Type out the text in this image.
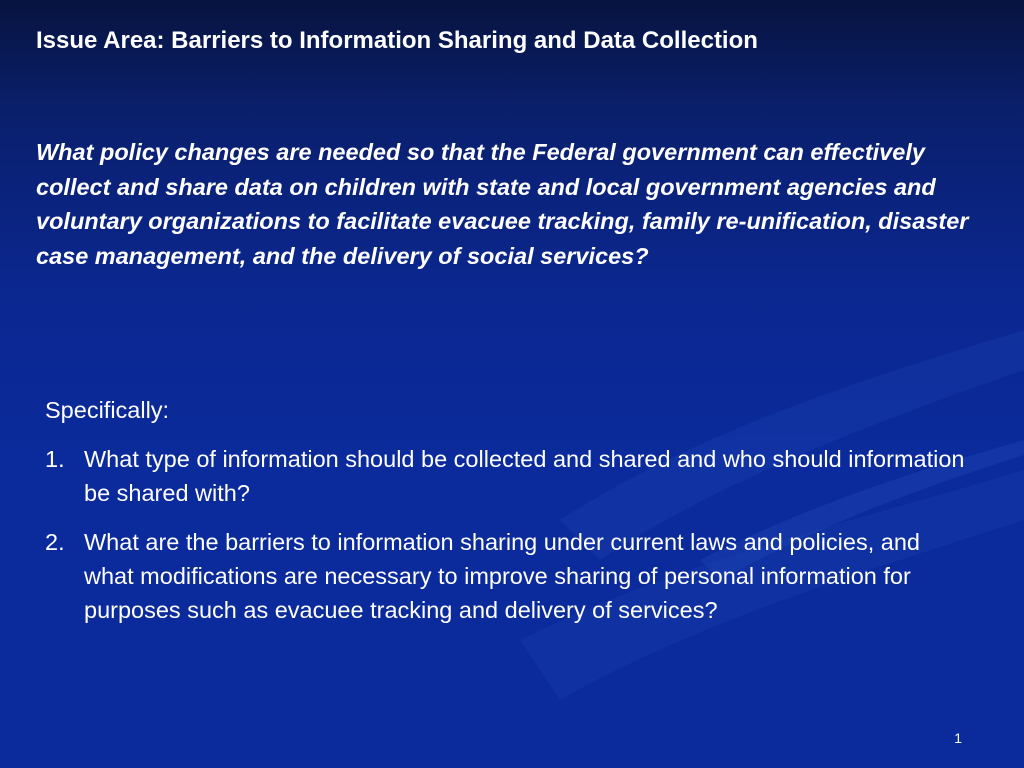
Issue Area: Barriers to Information Sharing and Data Collection

What policy changes are needed so that the Federal government can effectively collect and share data on children with state and local government agencies and voluntary organizations to facilitate evacuee tracking, family re-unification, disaster case management, and the delivery of social services?

Specifically:

1. What type of information should be collected and shared and who should information be shared with?
2. What are the barriers to information sharing under current laws and policies, and what modifications are necessary to improve sharing of personal information for purposes such as evacuee tracking and delivery of services?
1
